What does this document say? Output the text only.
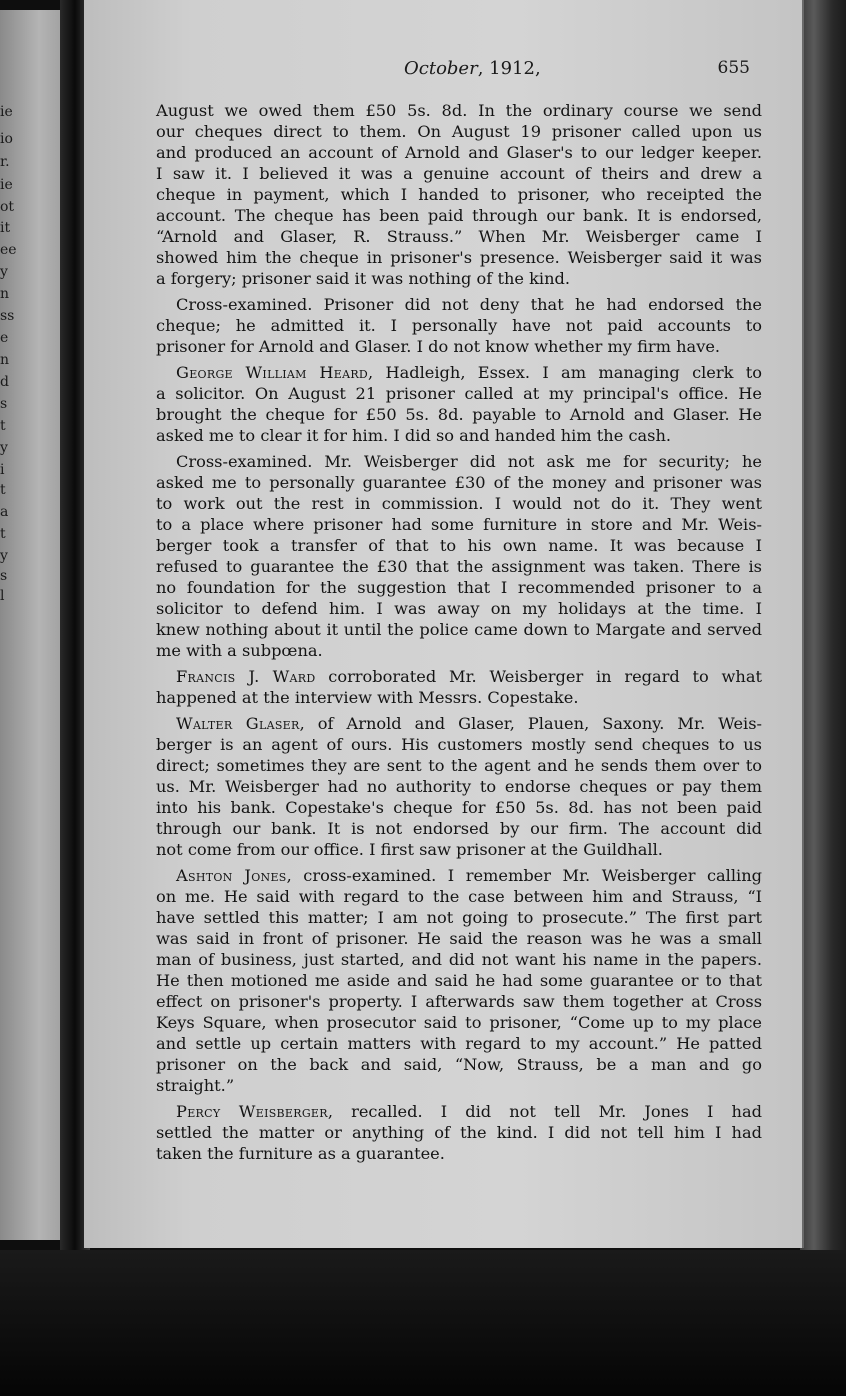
ie
io
r.
ie
ot
it
ee
y
n
ss
e
n
d
s
t
y
i
t
a
t
y
s
l
October, 1912,	655
August we owed them £50 5s. 8d. In the ordinary course we send
our cheques direct to them. On August 19 prisoner called upon us
and produced an account of Arnold and Glaser's to our ledger keeper.
I saw it. I believed it was a genuine account of theirs and drew a
cheque in payment, which I handed to prisoner, who receipted the
account. The cheque has been paid through our bank. It is endorsed,
“Arnold and Glaser, R. Strauss.” When Mr. Weisberger came I
showed him the cheque in prisoner's presence. Weisberger said it was
a forgery; prisoner said it was nothing of the kind.
Cross-examined. Prisoner did not deny that he had endorsed the
cheque; he admitted it. I personally have not paid accounts to
prisoner for Arnold and Glaser. I do not know whether my firm have.
George William Heard, Hadleigh, Essex. I am managing clerk to
a solicitor. On August 21 prisoner called at my principal's office. He
brought the cheque for £50 5s. 8d. payable to Arnold and Glaser. He
asked me to clear it for him. I did so and handed him the cash.
Cross-examined. Mr. Weisberger did not ask me for security; he
asked me to personally guarantee £30 of the money and prisoner was
to work out the rest in commission. I would not do it. They went
to a place where prisoner had some furniture in store and Mr. Weis-
berger took a transfer of that to his own name. It was because I
refused to guarantee the £30 that the assignment was taken. There is
no foundation for the suggestion that I recommended prisoner to a
solicitor to defend him. I was away on my holidays at the time. I
knew nothing about it until the police came down to Margate and served
me with a subpœna.
Francis J. Ward corroborated Mr. Weisberger in regard to what
happened at the interview with Messrs. Copestake.
Walter Glaser, of Arnold and Glaser, Plauen, Saxony. Mr. Weis-
berger is an agent of ours. His customers mostly send cheques to us
direct; sometimes they are sent to the agent and he sends them over to
us. Mr. Weisberger had no authority to endorse cheques or pay them
into his bank. Copestake's cheque for £50 5s. 8d. has not been paid
through our bank. It is not endorsed by our firm. The account did
not come from our office. I first saw prisoner at the Guildhall.
Ashton Jones, cross-examined. I remember Mr. Weisberger calling
on me. He said with regard to the case between him and Strauss, “I
have settled this matter; I am not going to prosecute.” The first part
was said in front of prisoner. He said the reason was he was a small
man of business, just started, and did not want his name in the papers.
He then motioned me aside and said he had some guarantee or to that
effect on prisoner's property. I afterwards saw them together at Cross
Keys Square, when prosecutor said to prisoner, “Come up to my place
and settle up certain matters with regard to my account.” He patted
prisoner on the back and said, “Now, Strauss, be a man and go
straight.”
Percy Weisberger, recalled. I did not tell Mr. Jones I had
settled the matter or anything of the kind. I did not tell him I had
taken the furniture as a guarantee.
